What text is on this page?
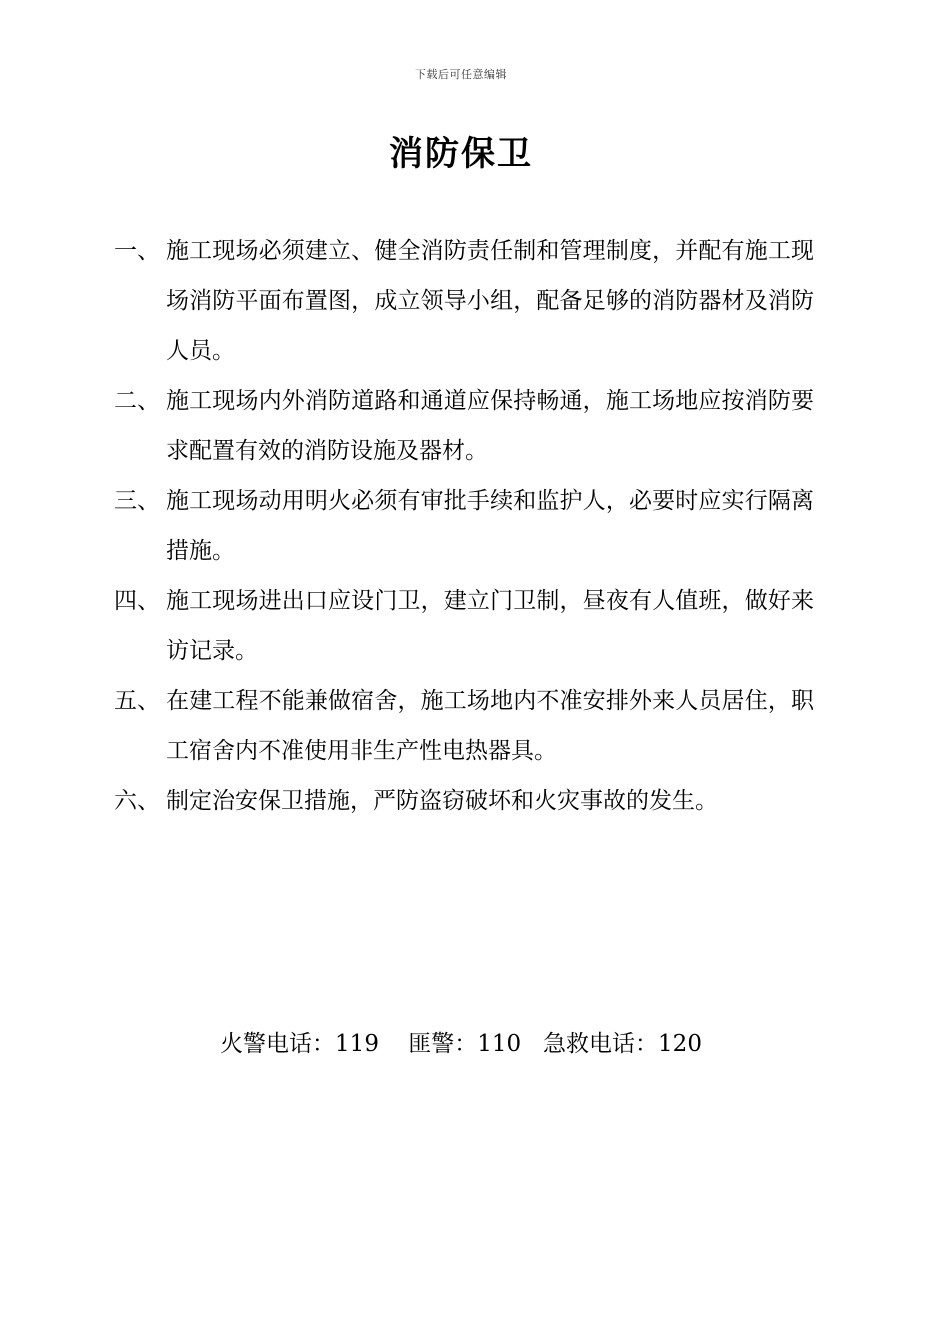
下载后可任意编辑
消防保卫
一、 施工现场必须建立、健全消防责任制和管理制度，并配有施工现场消防平面布置图，成立领导小组，配备足够的消防器材及消防人员。
二、 施工现场内外消防道路和通道应保持畅通，施工场地应按消防要求配置有效的消防设施及器材。
三、 施工现场动用明火必须有审批手续和监护人，必要时应实行隔离措施。
四、 施工现场进出口应设门卫，建立门卫制，昼夜有人值班，做好来访记录。
五、 在建工程不能兼做宿舍，施工场地内不准安排外来人员居住，职工宿舍内不准使用非生产性电热器具。
六、 制定治安保卫措施，严防盗窃破坏和火灾事故的发生。
火警电话：119 匪警：110 急救电话：120
